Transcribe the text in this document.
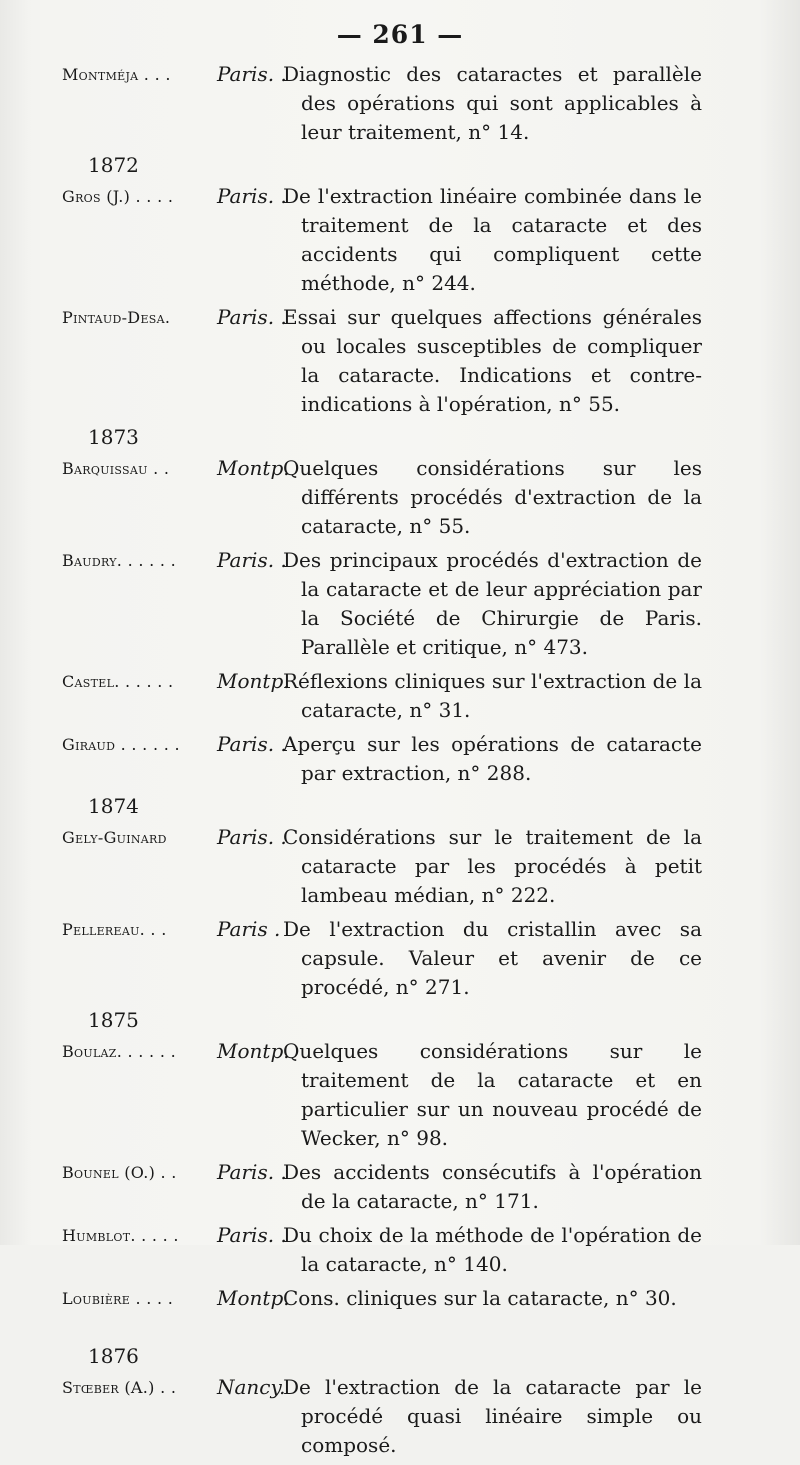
— 261 —
Montméja . . .	Paris. .
Diagnostic des cataractes et parallèle des opérations qui sont applicables à leur traitement, n° 14.
1872
Gros (J.) . . . .	Paris. .
De l'extraction linéaire combinée dans le traitement de la cataracte et des accidents qui compliquent cette méthode, n° 244.
Pintaud-Desa.	Paris. .
Essai sur quelques affections générales ou locales susceptibles de compliquer la cataracte. Indications et contre-indications à l'opération, n° 55.
1873
Barquissau . .	Montp.
Quelques considérations sur les différents procédés d'extraction de la cataracte, n° 55.
Baudry. . . . . .	Paris. .
Des principaux procédés d'extraction de la cataracte et de leur appréciation par la Société de Chirurgie de Paris. Parallèle et critique, n° 473.
Castel. . . . . .	Montp.
Réflexions cliniques sur l'extraction de la cataracte, n° 31.
Giraud . . . . . .	Paris. .
Aperçu sur les opérations de cataracte par extraction, n° 288.
1874
Gely-Guinard	Paris. .
Considérations sur le traitement de la cataracte par les procédés à petit lambeau médian, n° 222.
Pellereau. . .	Paris . De l'extraction du cristallin avec sa capsule. Valeur et avenir de ce procédé, n° 271.
1875
Boulaz. . . . . .	Montp.
Quelques considérations sur le traitement de la cataracte et en particulier sur un nouveau procédé de Wecker, n° 98.
Bounel (O.) . .	Paris. .
Des accidents consécutifs à l'opération de la cataracte, n° 171.
Humblot. . . . .	Paris. .
Du choix de la méthode de l'opération de la cataracte, n° 140.
Loubière . . . .	Montp.
Cons. cliniques sur la cataracte, n° 30.
1876
Stœber (A.) . .	Nancy.
De l'extraction de la cataracte par le procédé quasi linéaire simple ou composé.
